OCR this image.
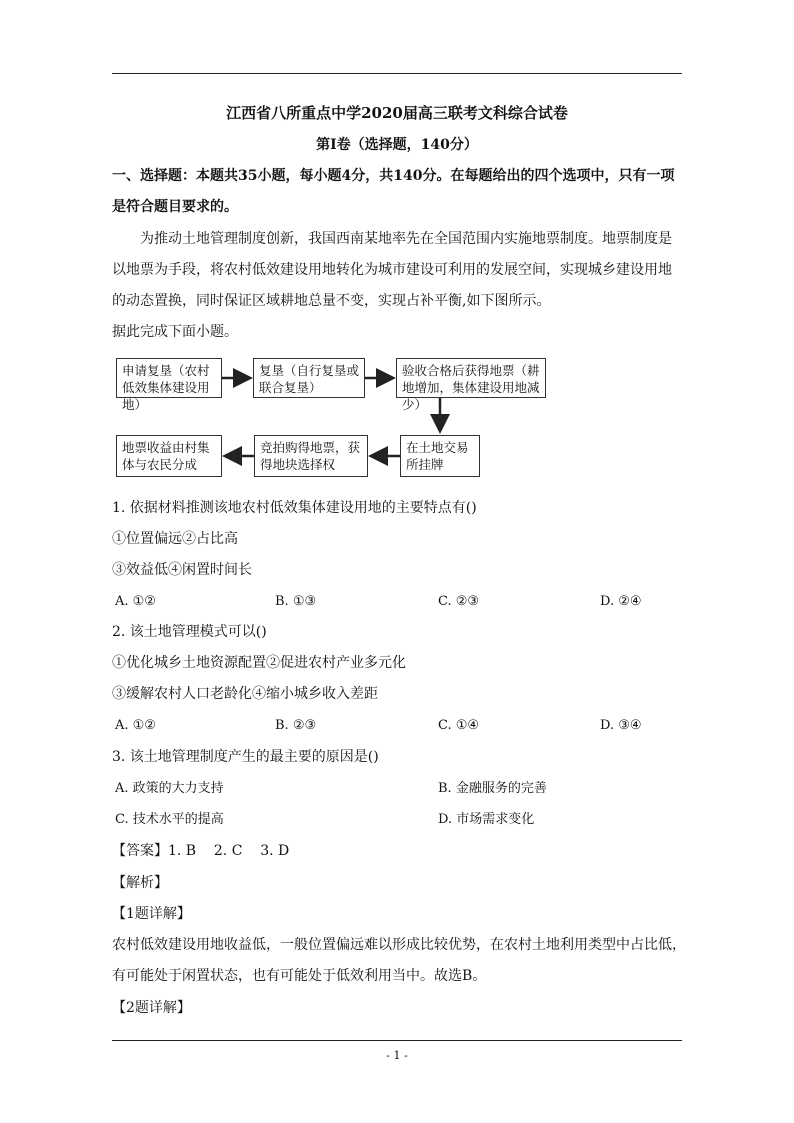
江西省八所重点中学2020届高三联考文科综合试卷
第Ⅰ卷（选择题，140分）
一、选择题：本题共35小题，每小题4分，共140分。在每题给出的四个选项中，只有一项
是符合题目要求的。
为推动土地管理制度创新，我国西南某地率先在全国范围内实施地票制度。地票制度是
以地票为手段，将农村低效建设用地转化为城市建设可利用的发展空间，实现城乡建设用地
的动态置换，同时保证区域耕地总量不变，实现占补平衡,如下图所示。
据此完成下面小题。
申请复垦（农村低效集体建设用地）
复垦（自行复垦或联合复垦）
验收合格后获得地票（耕地增加，集体建设用地减少）
在土地交易所挂牌
竞拍购得地票，获得地块选择权
地票收益由村集体与农民分成
1. 依据材料推测该地农村低效集体建设用地的主要特点有()
①位置偏远②占比高
③效益低④闲置时间长
A. ①②	B. ①③	C. ②③	D. ②④
2. 该土地管理模式可以()
①优化城乡土地资源配置②促进农村产业多元化
③缓解农村人口老龄化④缩小城乡收入差距
A. ①②	B. ②③	C. ①④	D. ③④
3. 该土地管理制度产生的最主要的原因是()
A. 政策的大力支持	B. 金融服务的完善
C. 技术水平的提高	D. 市场需求变化
【答案】1. B    2. C    3. D
【解析】
【1题详解】
农村低效建设用地收益低，一般位置偏远难以形成比较优势，在农村土地利用类型中占比低，
有可能处于闲置状态，也有可能处于低效利用当中。故选B。
【2题详解】
- 1 -
